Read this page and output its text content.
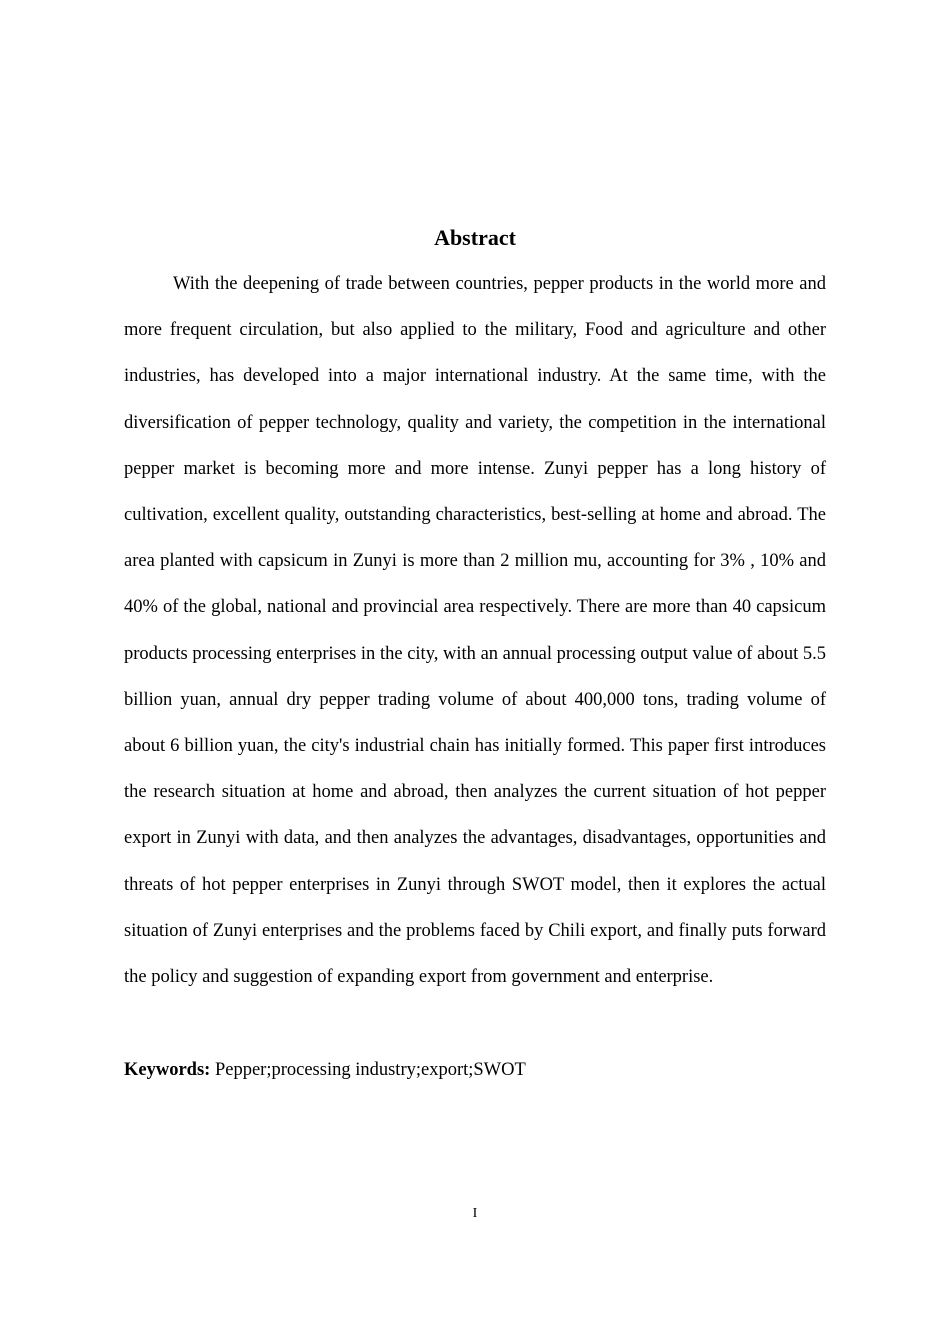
Abstract

With the deepening of trade between countries, pepper products in the world more and more frequent circulation, but also applied to the military, Food and agriculture and other industries, has developed into a major international industry. At the same time, with the diversification of pepper technology, quality and variety, the competition in the international pepper market is becoming more and more intense. Zunyi pepper has a long history of cultivation, excellent quality, outstanding characteristics, best-selling at home and abroad. The area planted with capsicum in Zunyi is more than 2 million mu, accounting for 3% , 10% and 40% of the global, national and provincial area respectively. There are more than 40 capsicum products processing enterprises in the city, with an annual processing output value of about 5.5 billion yuan, annual dry pepper trading volume of about 400,000 tons, trading volume of about 6 billion yuan, the city's industrial chain has initially formed. This paper first introduces the research situation at home and abroad, then analyzes the current situation of hot pepper export in Zunyi with data, and then analyzes the advantages, disadvantages, opportunities and threats of hot pepper enterprises in Zunyi through SWOT model, then it explores the actual situation of Zunyi enterprises and the problems faced by Chili export, and finally puts forward the policy and suggestion of expanding export from government and enterprise.

Keywords: Pepper;processing industry;export;SWOT

I
